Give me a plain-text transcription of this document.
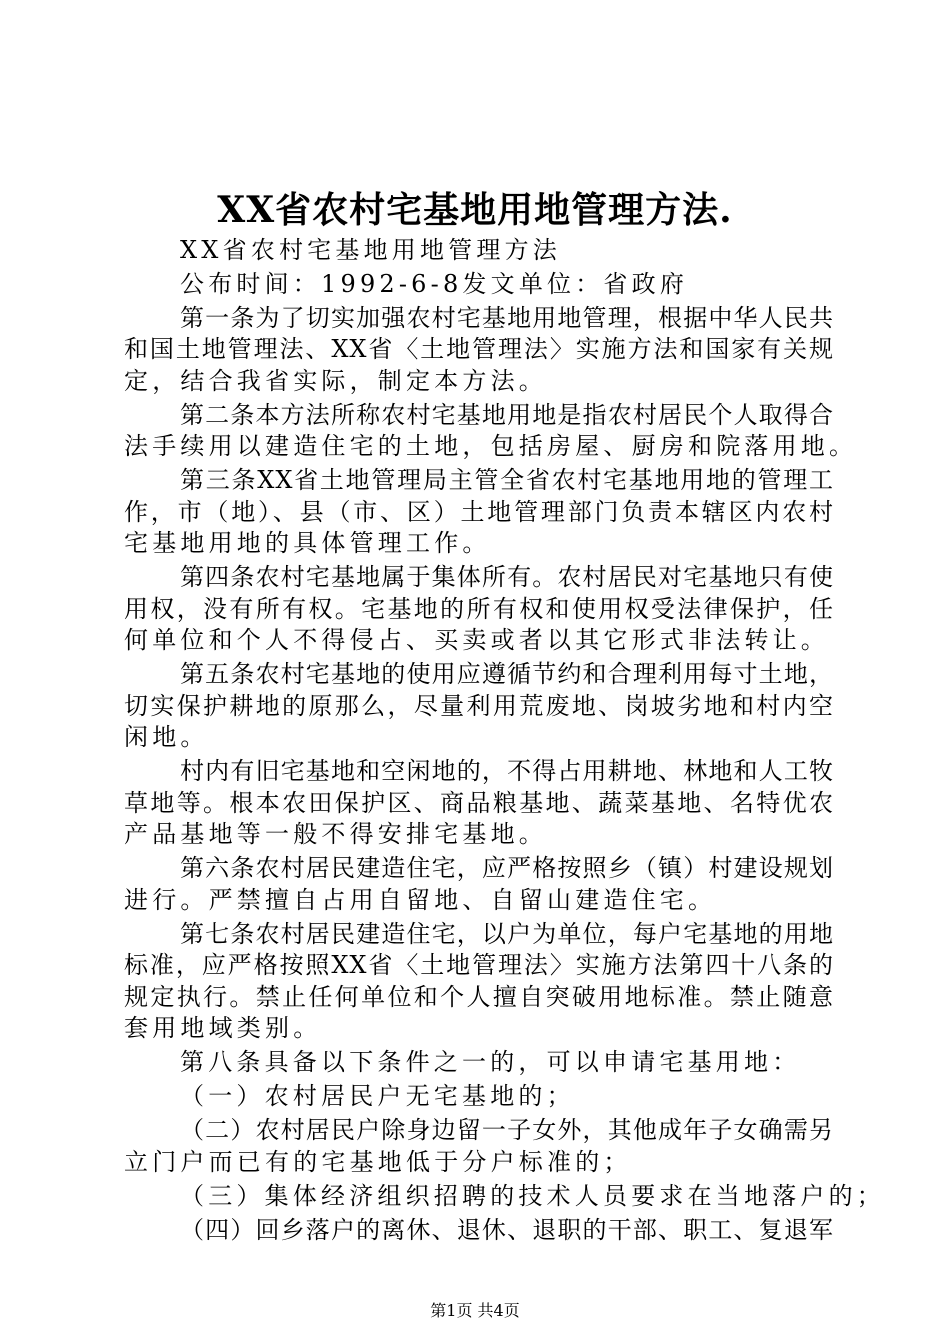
XX省农村宅基地用地管理方法.
XX省农村宅基地用地管理方法
公布时间：1992-6-8发文单位：省政府
第一条为了切实加强农村宅基地用地管理，根据中华人民共
和国土地管理法、XX省〈土地管理法〉实施方法和国家有关规
定，结合我省实际，制定本方法。
第二条本方法所称农村宅基地用地是指农村居民个人取得合
法手续用以建造住宅的土地，包括房屋、厨房和院落用地。
第三条XX省土地管理局主管全省农村宅基地用地的管理工
作，市（地）、县（市、区）土地管理部门负责本辖区内农村
宅基地用地的具体管理工作。
第四条农村宅基地属于集体所有。农村居民对宅基地只有使
用权，没有所有权。宅基地的所有权和使用权受法律保护，任
何单位和个人不得侵占、买卖或者以其它形式非法转让。
第五条农村宅基地的使用应遵循节约和合理利用每寸土地，
切实保护耕地的原那么，尽量利用荒废地、岗坡劣地和村内空
闲地。
村内有旧宅基地和空闲地的，不得占用耕地、林地和人工牧
草地等。根本农田保护区、商品粮基地、蔬菜基地、名特优农
产品基地等一般不得安排宅基地。
第六条农村居民建造住宅，应严格按照乡（镇）村建设规划
进行。严禁擅自占用自留地、自留山建造住宅。
第七条农村居民建造住宅，以户为单位，每户宅基地的用地
标准，应严格按照XX省〈土地管理法〉实施方法第四十八条的
规定执行。禁止任何单位和个人擅自突破用地标准。禁止随意
套用地域类别。
第八条具备以下条件之一的，可以申请宅基用地：
（一）农村居民户无宅基地的；
（二）农村居民户除身边留一子女外，其他成年子女确需另
立门户而已有的宅基地低于分户标准的；
（三）集体经济组织招聘的技术人员要求在当地落户的；
（四）回乡落户的离休、退休、退职的干部、职工、复退军
第1页 共4页
